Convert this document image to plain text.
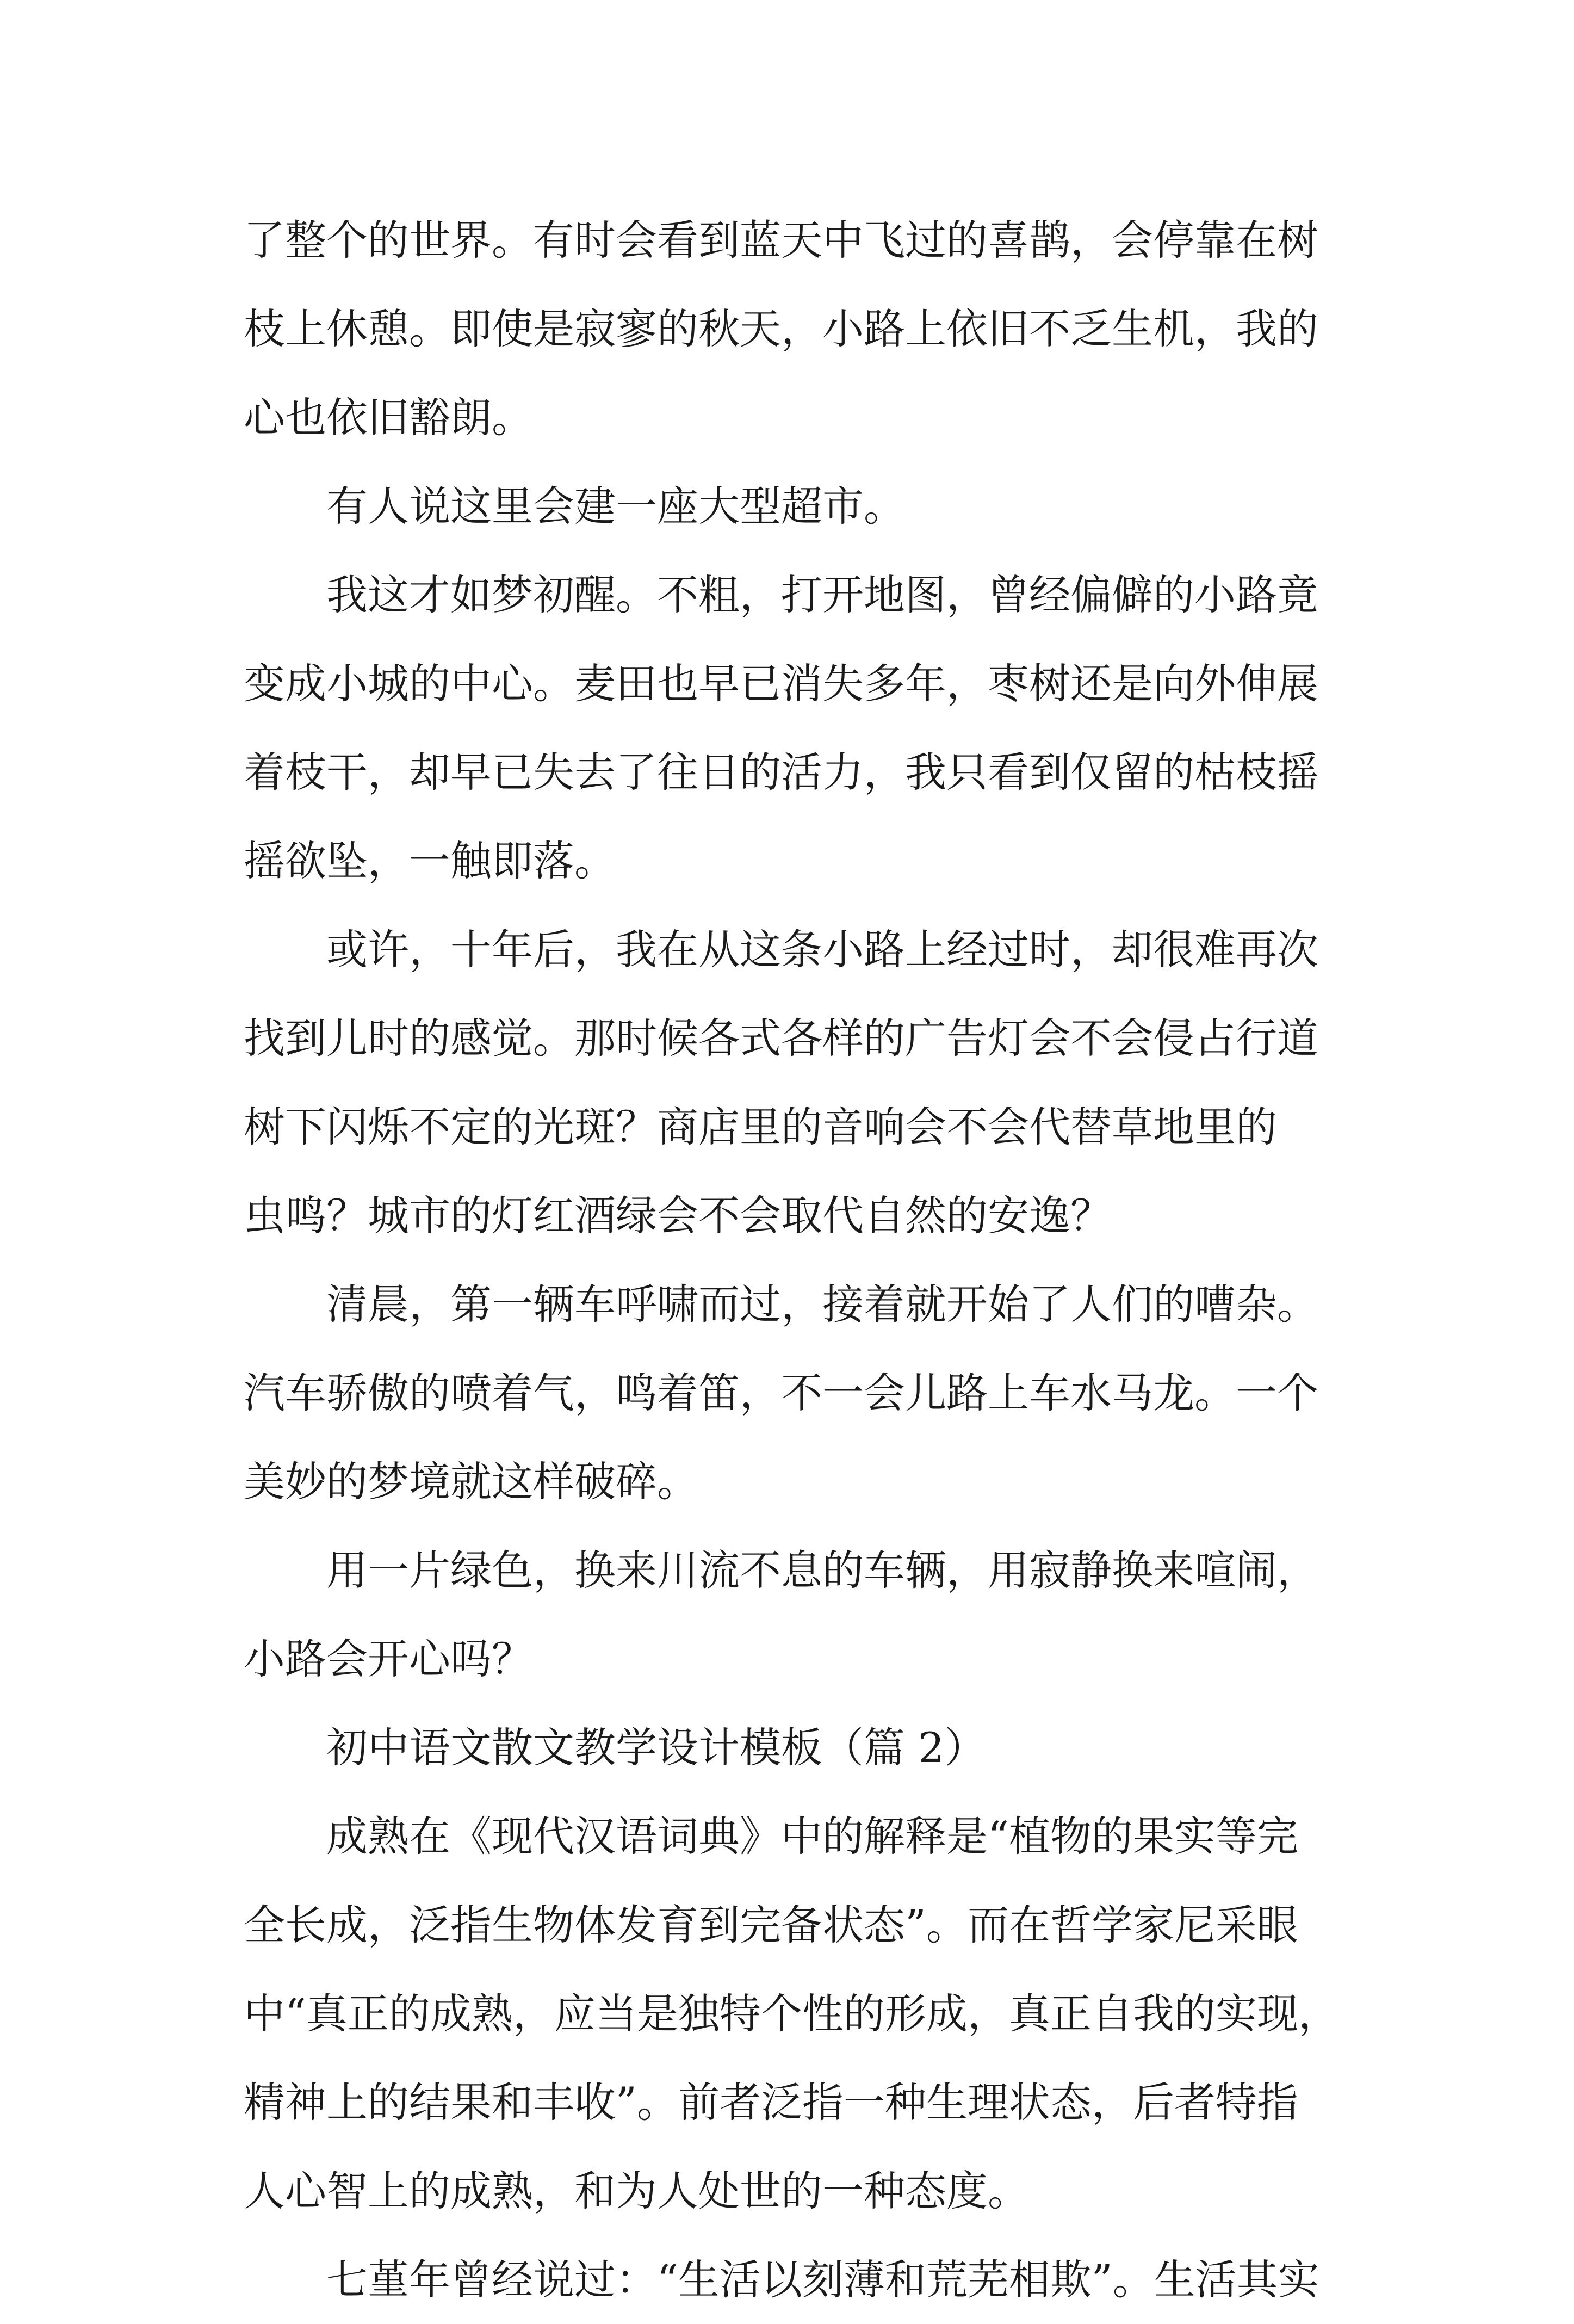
了整个的世界。有时会看到蓝天中飞过的喜鹊，会停靠在树
枝上休憩。即使是寂寥的秋天，小路上依旧不乏生机，我的
心也依旧豁朗。
有人说这里会建一座大型超市。
我这才如梦初醒。不粗，打开地图，曾经偏僻的小路竟
变成小城的中心。麦田也早已消失多年，枣树还是向外伸展
着枝干，却早已失去了往日的活力，我只看到仅留的枯枝摇
摇欲坠，一触即落。
或许，十年后，我在从这条小路上经过时，却很难再次
找到儿时的感觉。那时候各式各样的广告灯会不会侵占行道
树下闪烁不定的光斑？商店里的音响会不会代替草地里的
虫鸣？城市的灯红酒绿会不会取代自然的安逸？
清晨，第一辆车呼啸而过，接着就开始了人们的嘈杂。
汽车骄傲的喷着气，鸣着笛，不一会儿路上车水马龙。一个
美妙的梦境就这样破碎。
用一片绿色，换来川流不息的车辆，用寂静换来喧闹，
小路会开心吗？
初中语文散文教学设计模板（篇 2）
成熟在《现代汉语词典》中的解释是“植物的果实等完
全长成，泛指生物体发育到完备状态”。而在哲学家尼采眼
中“真正的成熟，应当是独特个性的形成，真正自我的实现，
精神上的结果和丰收”。前者泛指一种生理状态，后者特指
人心智上的成熟，和为人处世的一种态度。
七堇年曾经说过：“生活以刻薄和荒芜相欺”。生活其实
